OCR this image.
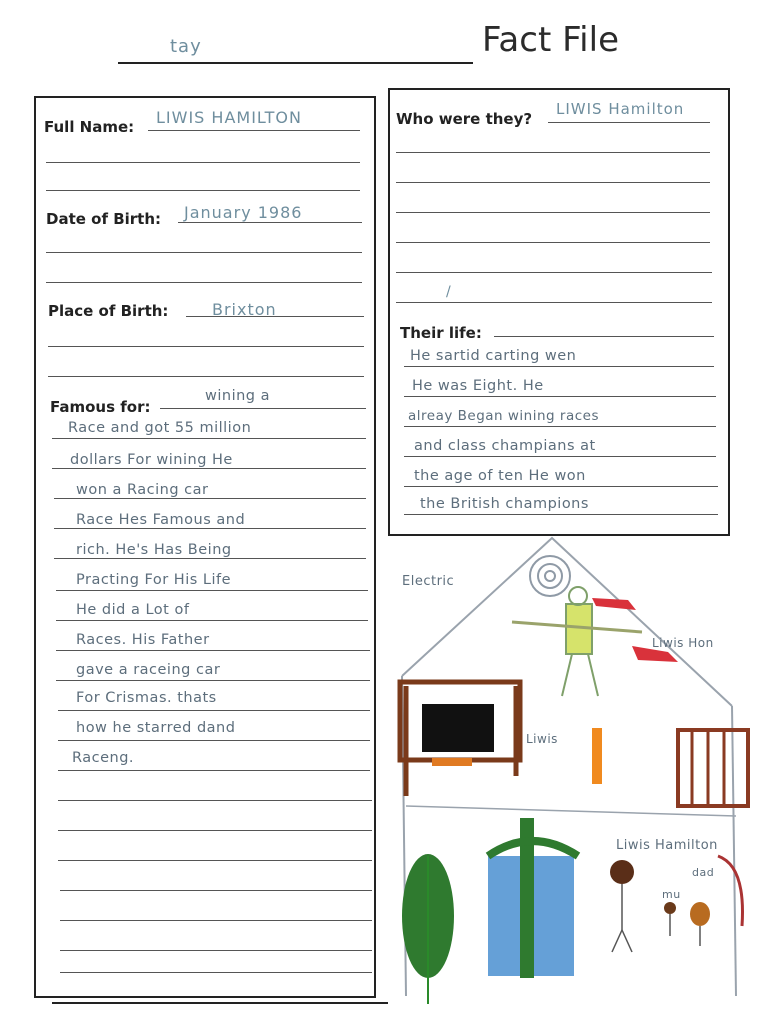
tay	Fact File
Full Name: LIWIS HAMILTON
Date of Birth: January 1986
Place of Birth:	Brixton
Famous for:
wining a
Race and got 55 million
dollars For wining He
won a Racing car
Race Hes Famous and
rich. He's Has Being
Practing For His Life
He did a Lot of
Races. His Father
gave a raceing car
For Crismas. thats
how he starred dand
Raceng.
Who were they?
LIWIS Hamilton
/
Their life:
He sartid carting wen
He was Eight. He
alreay Began wining races
and class champians at
the age of ten He won
the British champions
Electric
Liwis Hon
Liwis
Liwis Hamilton
dad
mu
